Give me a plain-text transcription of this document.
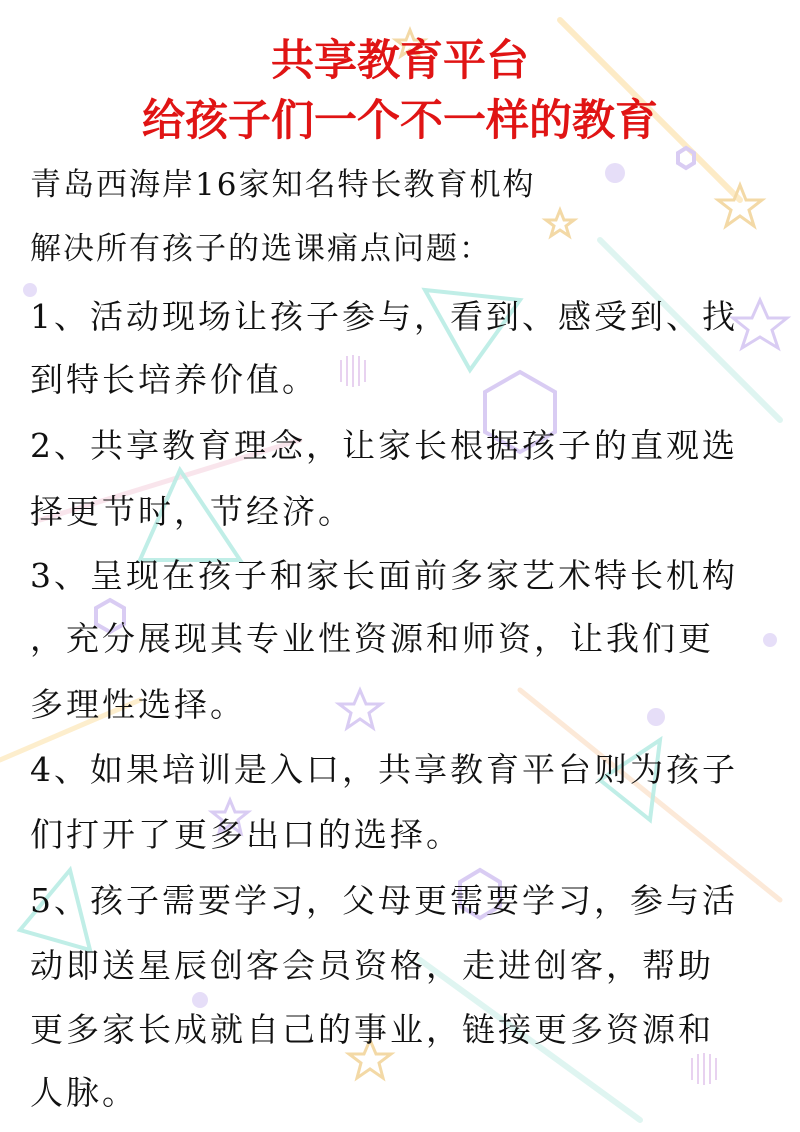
共享教育平台
给孩子们一个不一样的教育
青岛西海岸16家知名特长教育机构
解决所有孩子的选课痛点问题：
1、活动现场让孩子参与，看到、感受到、找
到特长培养价值。
2、共享教育理念，让家长根据孩子的直观选
择更节时，节经济。
3、呈现在孩子和家长面前多家艺术特长机构
，充分展现其专业性资源和师资，让我们更
多理性选择。
4、如果培训是入口，共享教育平台则为孩子
们打开了更多出口的选择。
5、孩子需要学习，父母更需要学习，参与活
动即送星辰创客会员资格，走进创客，帮助
更多家长成就自己的事业，链接更多资源和
人脉。
